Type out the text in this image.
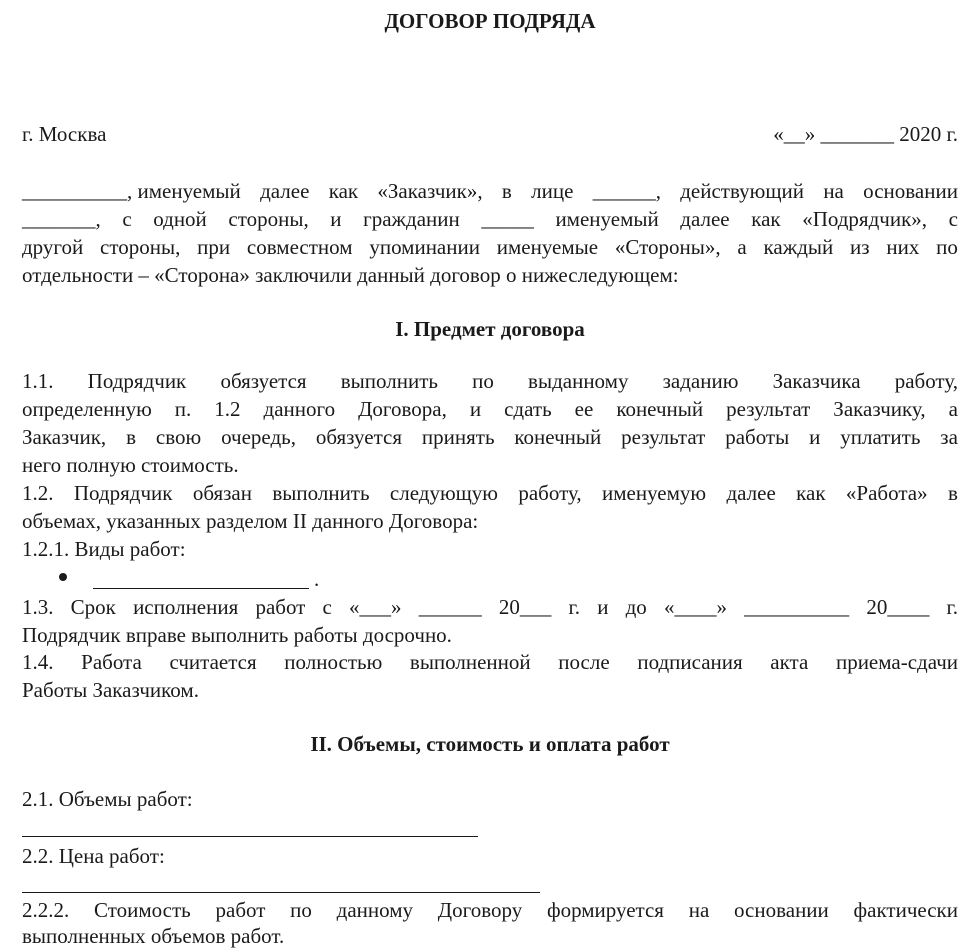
ДОГОВОР ПОДРЯДА
г. Москва	«__» _______ 2020 г.
__________, именуемый далее как «Заказчик», в лице ______, действующий на основании
_______, с одной стороны, и гражданин _____ именуемый далее как «Подрядчик», с
другой стороны, при совместном упоминании именуемые «Стороны», а каждый из них по
отдельности – «Сторона» заключили данный договор о нижеследующем:
I. Предмет договора
1.1. Подрядчик обязуется выполнить по выданному заданию Заказчика работу,
определенную п. 1.2 данного Договора, и сдать ее конечный результат Заказчику, а
Заказчик, в свою очередь, обязуется принять конечный результат работы и уплатить за
него полную стоимость.
1.2. Подрядчик обязан выполнить следующую работу, именуемую далее как «Работа» в
объемах, указанных разделом II данного Договора:
1.2.1. Виды работ:
.
1.3. Срок исполнения работ с «___» ______ 20___ г. и до «____» __________ 20____ г.
Подрядчик вправе выполнить работы досрочно.
1.4. Работа считается полностью выполненной после подписания акта приема-сдачи
Работы Заказчиком.
II. Объемы, стоимость и оплата работ
2.1. Объемы работ:
2.2. Цена работ:
2.2.2. Стоимость работ по данному Договору формируется на основании фактически
выполненных объемов работ.
